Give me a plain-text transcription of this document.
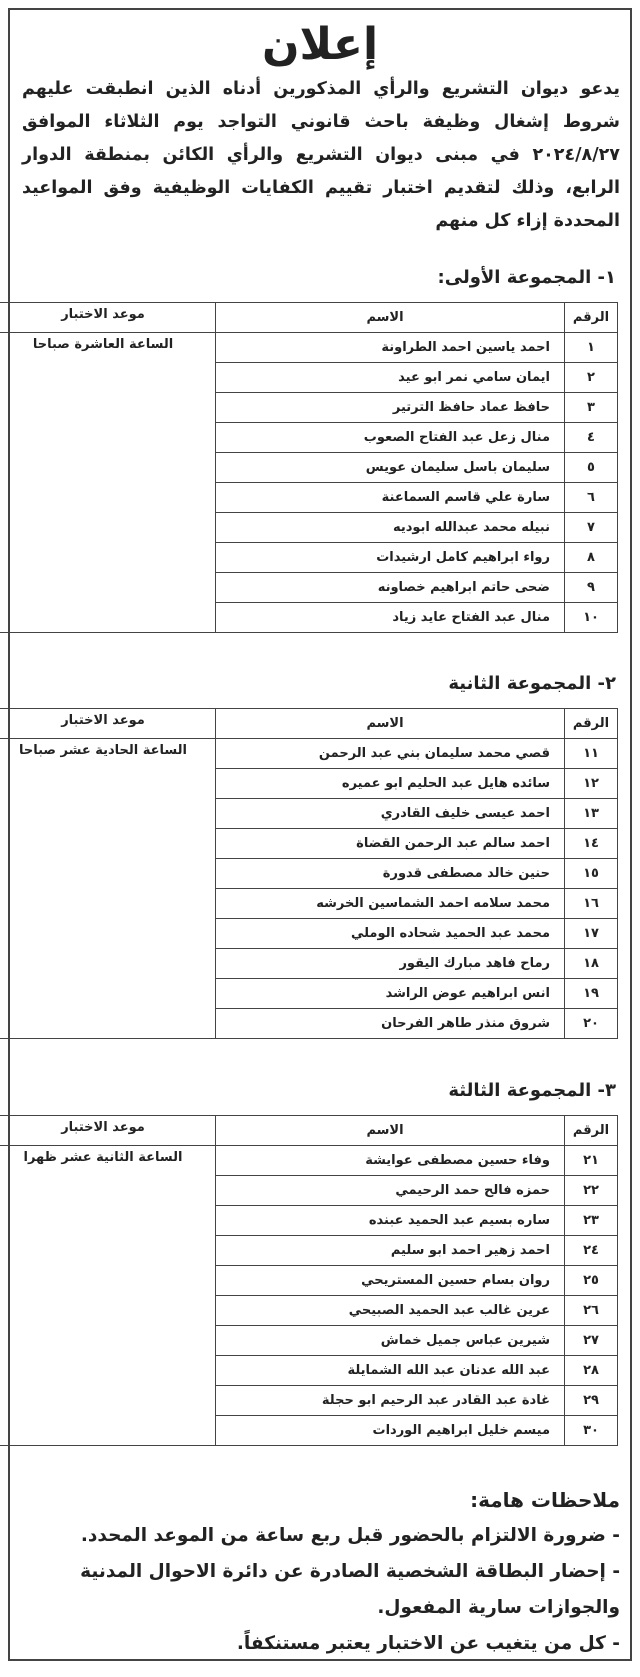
إعلان
يدعو ديوان التشريع والرأي المذكورين أدناه الذين انطبقت عليهم شروط إشغال وظيفة باحث قانوني التواجد يوم الثلاثاء الموافق ٢٠٢٤/٨/٢٧ في مبنى ديوان التشريع والرأي الكائن بمنطقة الدوار الرابع، وذلك لتقديم اختبار تقييم الكفايات الوظيفية وفق المواعيد المحددة إزاء كل منهم
١- المجموعة الأولى:
الرقم	الاسم	موعد الاختبار
١	احمد ياسين احمد الطراونة	الساعة العاشرة صباحا
٢	ايمان سامي نمر ابو عيد	
٣	حافظ عماد حافظ الترتير	
٤	منال زعل عبد الفتاح الصعوب	
٥	سليمان باسل سليمان عويس	
٦	سارة علي قاسم السماعنة	
٧	نبيله محمد عبدالله ابوديه	
٨	رواء ابراهيم كامل ارشيدات	
٩	ضحى حاتم ابراهيم خصاونه	
١٠	منال عبد الفتاح عايد زياد	
٢- المجموعة الثانية
الرقم	الاسم	موعد الاختبار
١١	قصي محمد سليمان بني عبد الرحمن	الساعة الحادية عشر صباحا
١٢	سائده هايل عبد الحليم ابو عميره	
١٣	احمد عيسى خليف القادري	
١٤	احمد سالم عبد الرحمن القضاة	
١٥	حنين خالد مصطفى قدورة	
١٦	محمد سلامه احمد الشماسين الخرشه	
١٧	محمد عبد الحميد شحاده الوملي	
١٨	رماح فاهد مبارك اليقور	
١٩	انس ابراهيم عوض الراشد	
٢٠	شروق منذر طاهر الفرحان	
٣- المجموعة الثالثة
الرقم	الاسم	موعد الاختبار
٢١	وفاء حسين مصطفى عوايشة	الساعة الثانية عشر ظهرا
٢٢	حمزه فالح حمد الرحيمي	
٢٣	ساره بسيم عبد الحميد عبنده	
٢٤	احمد زهير احمد ابو سليم	
٢٥	روان بسام حسين المستريحي	
٢٦	عرين غالب عبد الحميد الصبيحي	
٢٧	شيرين عباس جميل خماش	
٢٨	عبد الله عدنان عبد الله الشمايلة	
٢٩	غادة عبد القادر عبد الرحيم ابو حجلة	
٣٠	ميسم خليل ابراهيم الوردات	
ملاحظات هامة:
- ضرورة الالتزام بالحضور قبل ربع ساعة من الموعد المحدد.
- إحضار البطاقة الشخصية الصادرة عن دائرة الاحوال المدنية والجوازات سارية المفعول.
- كل من يتغيب عن الاختبار يعتبر مستنكفاً.
